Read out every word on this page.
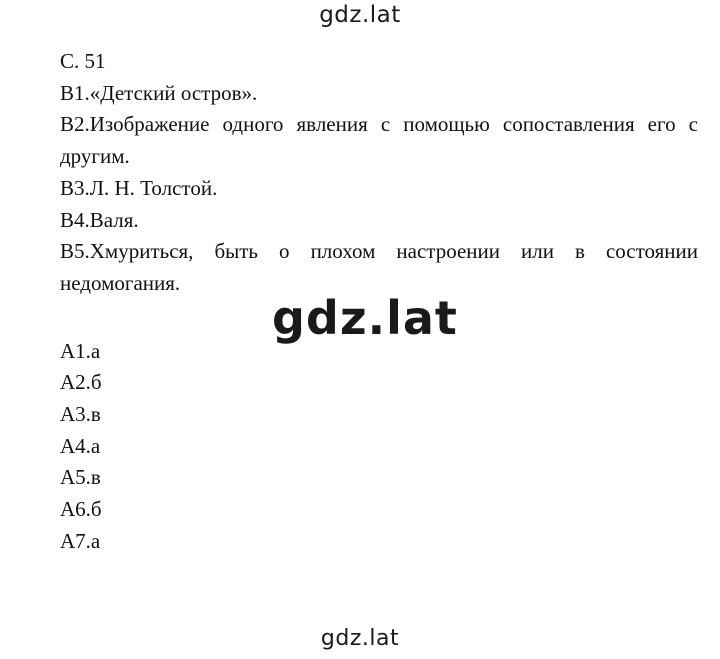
gdz.lat

С. 51

В1.«Детский остров».

В2.Изображение одного явления с помощью сопоставления его с

другим.

В3.Л. Н. Толстой.

В4.Валя.

В5.Хмуриться, быть о плохом настроении или в состоянии

недомогания.

А1.а

А2.б

А3.в

А4.а

А5.в

А6.б

А7.а

gdz.lat
gdz.lat
